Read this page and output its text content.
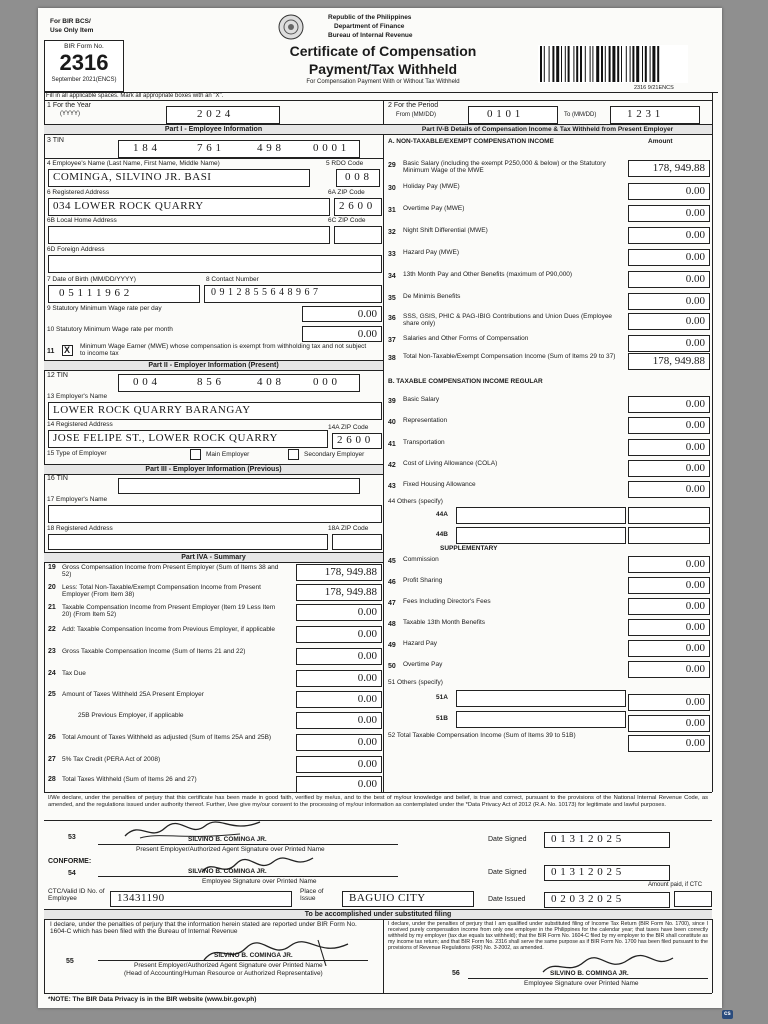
For BIR BCS/
Use Only Item
BIR Form No.
2316
September 2021(ENCS)
Republic of the Philippines
Department of Finance
Bureau of Internal Revenue
Certificate of Compensation
Payment/Tax Withheld
For Compensation Payment With or Without Tax Withheld
2316 9/21ENCS
Fill in all applicable spaces. Mark all appropriate boxes with an "X".
1 For the Year
(YYYY)	2 0 2 4
2 For the Period
From (MM/DD)	0 1 0 1	To (MM/DD)	1 2 3 1
Part I - Employee Information
3 TIN
1 8 4	7 6 1	4 9 8	0 0 0 1
4 Employee's Name (Last Name, First Name, Middle Name)	5 RDO Code
COMINGA, SILVINO JR. BASI	0 0 8
6 Registered Address	6A ZIP Code
034 LOWER ROCK QUARRY	2 6 0 0
6B Local Home Address	6C ZIP Code
6D Foreign Address
7 Date of Birth (MM/DD/YYYY)	8 Contact Number
0 5 1 1 1 9 6 2	0 9 1 2 8 5 5 6 4 8 9 6 7
9 Statutory Minimum Wage rate per day	0.00
10 Statutory Minimum Wage rate per month	0.00
11 X Minimum Wage Earner (MWE) whose compensation is exempt from withholding tax and not subject to income tax
Part II - Employer Information (Present)
12 TIN
0 0 4	8 5 6	4 0 8	0 0 0
13 Employer's Name
LOWER ROCK QUARRY BARANGAY
14 Registered Address	14A ZIP Code
JOSE FELIPE ST., LOWER ROCK QUARRY	2 6 0 0
15 Type of Employer	Main Employer	Secondary Employer
Part III - Employer Information (Previous)
16 TIN
17 Employer's Name
18 Registered Address	18A ZIP Code
Part IVA - Summary
19 Gross Compensation Income from Present Employer (Sum of Items 38 and 52)	178, 949.88
20 Less: Total Non-Taxable/Exempt Compensation Income from Present Employer (From Item 38)	178, 949.88
21 Taxable Compensation Income from Present Employer (Item 19 Less Item 20) (From Item 52)	0.00
22 Add: Taxable Compensation Income from Previous Employer, if applicable	0.00
23 Gross Taxable Compensation Income (Sum of Items 21 and 22)	0.00
24 Tax Due	0.00
25 Amount of Taxes Withheld 25A Present Employer	0.00
25B Previous Employer, if applicable	0.00
26 Total Amount of Taxes Withheld as adjusted (Sum of Items 25A and 25B)	0.00
27 5% Tax Credit (PERA Act of 2008)	0.00
28 Total Taxes Withheld (Sum of Items 26 and 27)	0.00
Part IV-B Details of Compensation Income & Tax Withheld from Present Employer
A. NON-TAXABLE/EXEMPT COMPENSATION INCOME	Amount
29 Basic Salary (including the exempt P250,000 & below) or the Statutory Minimum Wage of the MWE	178, 949.88
30 Holiday Pay (MWE)	0.00
31 Overtime Pay (MWE)	0.00
32 Night Shift Differential (MWE)	0.00
33 Hazard Pay (MWE)	0.00
34 13th Month Pay and Other Benefits (maximum of P90,000)	0.00
35 De Minimis Benefits	0.00
36 SSS, GSIS, PHIC & PAG-IBIG Contributions and Union Dues (Employee share only)	0.00
37 Salaries and Other Forms of Compensation	0.00
38 Total Non-Taxable/Exempt Compensation Income (Sum of Items 29 to 37)	178, 949.88
B. TAXABLE COMPENSATION INCOME REGULAR
39 Basic Salary	0.00
40 Representation	0.00
41 Transportation	0.00
42 Cost of Living Allowance (COLA)	0.00
43 Fixed Housing Allowance	0.00
44 Others (specify)
44A
44B
SUPPLEMENTARY
45 Commission	0.00
46 Profit Sharing	0.00
47 Fees Including Director's Fees	0.00
48 Taxable 13th Month Benefits	0.00
49 Hazard Pay	0.00
50 Overtime Pay	0.00
51 Others (specify)
51A	0.00
51B	0.00
52 Total Taxable Compensation Income (Sum of Items 39 to 51B)
0.00
I/We declare, under the penalties of perjury that this certificate has been made in good faith, verified by me/us, and to the best of my/our knowledge and belief, is true and correct, pursuant to the provisions of the National Internal Revenue Code, as amended, and the regulations issued under authority thereof. Further, I/we give my/our consent to the processing of my/our information as contemplated under the *Data Privacy Act of 2012 (R.A. No. 10173) for legitimate and lawful purposes.
53	SILVINO B. COMINGA JR.
Present Employer/Authorized Agent Signature over Printed Name
Date Signed 0 1 3 1 2 0 2 5
CONFORME:
54	SILVINO B. COMINGA JR.
Employee Signature over Printed Name
Date Signed 0 1 3 1 2 0 2 5
Amount paid, if CTC
CTC/Valid ID No. of Employee	13431190
Place of Issue	BAGUIO CITY	Date Issued 0 2 0 3 2 0 2 5
To be accomplished under substituted filing
I declare, under the penalties of perjury that the information herein stated are reported under BIR Form No. 1604-C which has been filed with the Bureau of Internal Revenue
I declare, under the penalties of perjury that I am qualified under substituted filing of Income Tax Return (BIR Form No. 1700), since I received purely compensation income from only one employer in the Philippines for the calendar year; that taxes have been correctly withheld by my employer (tax due equals tax withheld); that the BIR Form No. 1604-C filed by my employer to the BIR shall constitute as my income tax return; and that BIR Form No. 2316 shall serve the same purpose as if BIR Form No. 1700 has been filed pursuant to the provisions of Revenue Regulations (RR) No. 3-2002, as amended.
55
SILVINO B. COMINGA JR.
Present Employer/Authorized Agent Signature over Printed Name
(Head of Accounting/Human Resource or Authorized Representative)	56	SILVINO B. COMINGA JR.
Employee Signature over Printed Name
*NOTE: The BIR Data Privacy is in the BIR website (www.bir.gov.ph)
cs
